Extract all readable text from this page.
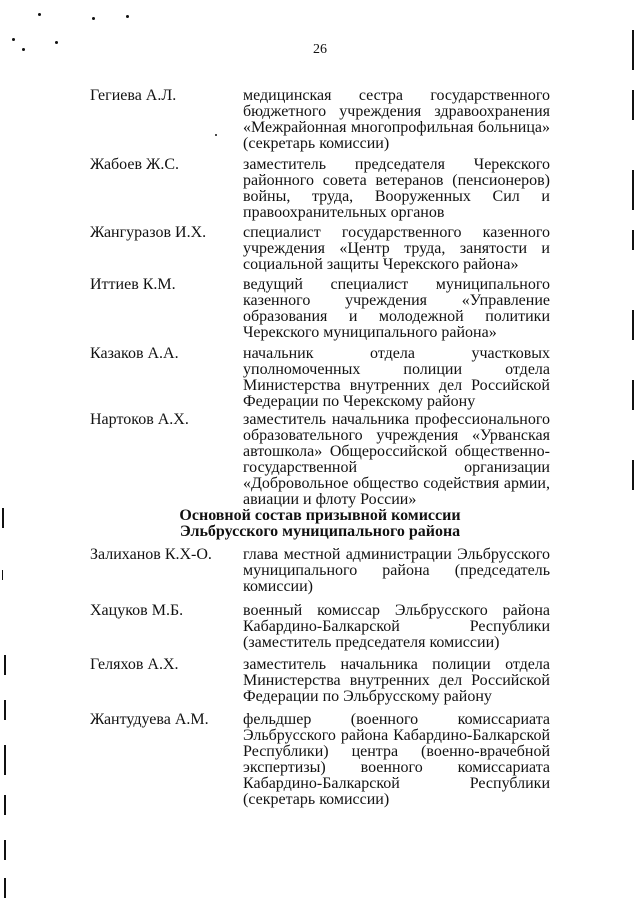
26
Гегиева А.Л.	медицинская сестра государственного бюджетного учреждения здравоохранения «Межрайонная многопрофильная больница» (секретарь комиссии)
Жабоев Ж.С.	заместитель председателя Черекского районного совета ветеранов (пенсионеров) войны, труда, Вооруженных Сил и правоохранительных органов
Жангуразов И.Х. специалист государственного казенного учреждения «Центр труда, занятости и социальной защиты Черекского района»
Иттиев К.М.	ведущий специалист муниципального казенного учреждения «Управление образования и молодежной политики Черекского муниципального района»
Казаков А.А.	начальник отдела участковых уполномоченных полиции отдела Министерства внутренних дел Российской Федерации по Черекскому району
Нартоков А.Х.	заместитель начальника профессионального образовательного учреждения «Урванская автошкола» Общероссийской общественно-государственной организации «Добровольное общество содействия армии, авиации и флоту России»
Основной состав призывной комиссии
Эльбрусского муниципального района
Залиханов К.Х-О. глава местной администрации Эльбрусского муниципального района (председатель комиссии)
Хацуков М.Б.	военный комиссар Эльбрусского района Кабардино-Балкарской Республики (заместитель председателя комиссии)
Геляхов А.Х.	заместитель начальника полиции отдела Министерства внутренних дел Российской Федерации по Эльбрусскому району
Жантудуева А.М. фельдшер (военного комиссариата Эльбрусского района Кабардино-Балкарской Республики) центра (военно-врачебной экспертизы) военного комиссариата Кабардино-Балкарской Республики (секретарь комиссии)
